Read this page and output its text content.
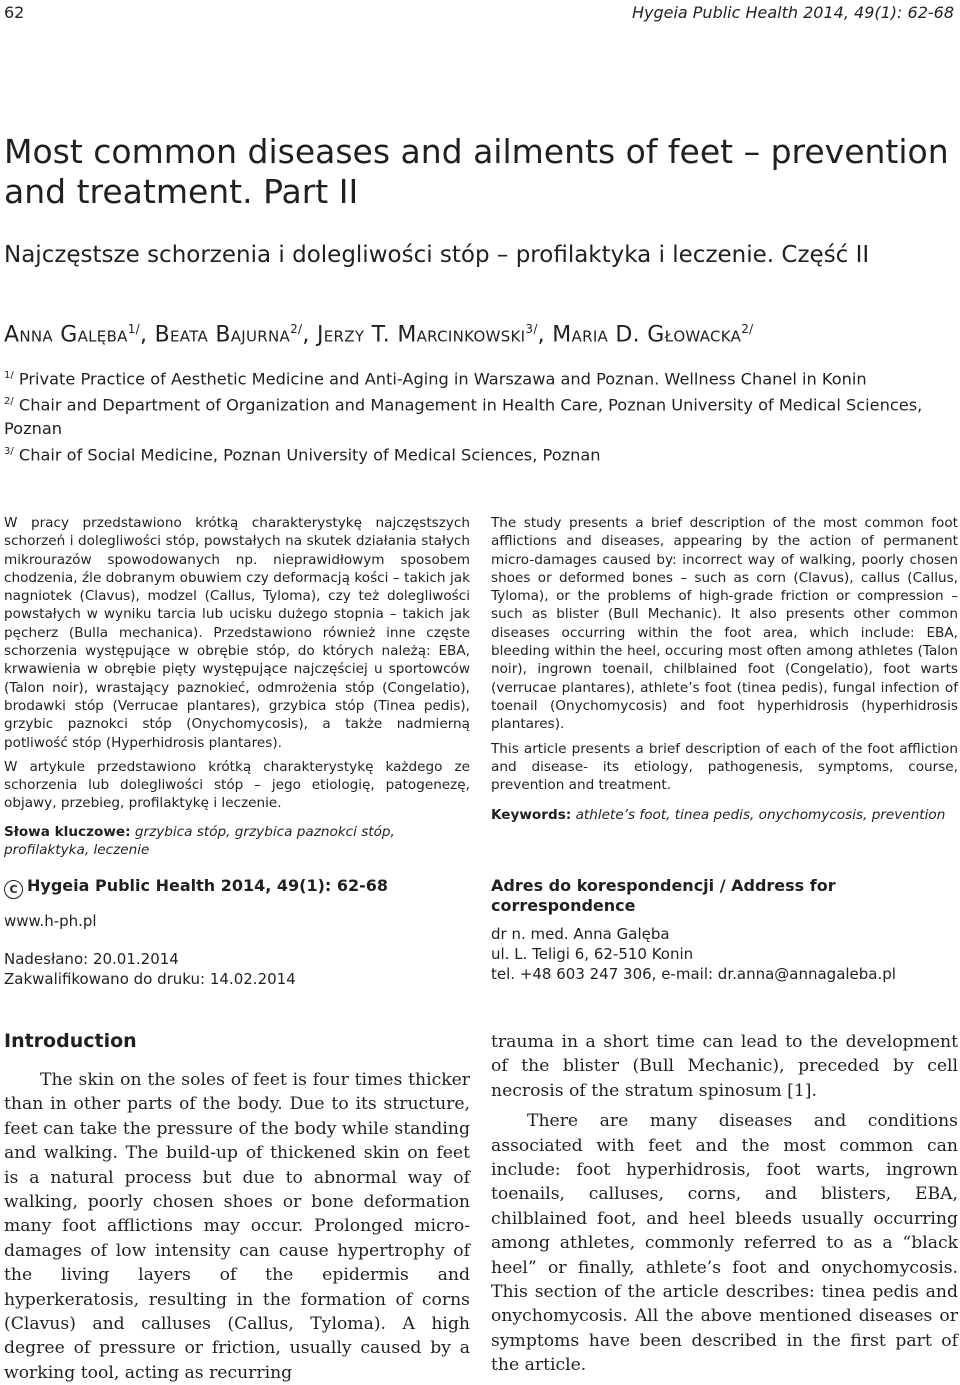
62	Hygeia Public Health 2014, 49(1): 62-68
Most common diseases and ailments of feet – prevention and treatment. Part II
Najczęstsze schorzenia i dolegliwości stóp – profilaktyka i leczenie. Część II
Anna Galęba$^{1/}$, Beata Bajurna$^{2/}$, Jerzy T. Marcinkowski$^{3/}$, Maria D. Głowacka$^{2/}$
$^{1/}$ Private Practice of Aesthetic Medicine and Anti-Aging in Warszawa and Poznan. Wellness Chanel in Konin
$^{2/}$ Chair and Department of Organization and Management in Health Care, Poznan University of Medical Sciences, Poznan
$^{3/}$ Chair of Social Medicine, Poznan University of Medical Sciences, Poznan

W pracy przedstawiono krótką charakterystykę najczęstszych schorzeń i dolegliwości stóp, powstałych na skutek działania stałych mikrourazów spowodowanych np. nieprawidłowym sposobem chodzenia, źle dobranym obuwiem czy deformacją kości – takich jak nagniotek (Clavus), modzel (Callus, Tyloma), czy też dolegliwości powstałych w wyniku tarcia lub ucisku dużego stopnia – takich jak pęcherz (Bulla mechanica). Przedstawiono również inne częste schorzenia występujące w obrębie stóp, do których należą: EBA, krwawienia w obrębie pięty występujące najczęściej u sportowców (Talon noir), wrastający paznokieć, odmrożenia stóp (Congelatio), brodawki stóp (Verrucae plantares), grzybica stóp (Tinea pedis), grzybic paznokci stóp (Onychomycosis), a także nadmierną potliwość stóp (Hyperhidrosis plantares).

W artykule przedstawiono krótką charakterystykę każdego ze schorzenia lub dolegliwości stóp – jego etiologię, patogenezę, objawy, przebieg, profilaktykę i leczenie.

Słowa kluczowe: grzybica stóp, grzybica paznokci stóp, profilaktyka, leczenie

The study presents a brief description of the most common foot afflictions and diseases, appearing by the action of permanent micro-damages caused by: incorrect way of walking, poorly chosen shoes or deformed bones – such as corn (Clavus), callus (Callus, Tyloma), or the problems of high-grade friction or compression – such as blister (Bull Mechanic). It also presents other common diseases occurring within the foot area, which include: EBA, bleeding within the heel, occuring most often among athletes (Talon noir), ingrown toenail, chilblained foot (Congelatio), foot warts (verrucae plantares), athlete’s foot (tinea pedis), fungal infection of toenail (Onychomycosis) and foot hyperhidrosis (hyperhidrosis plantares).

This article presents a brief description of each of the foot affliction and disease- its etiology, pathogenesis, symptoms, course, prevention and treatment.

Keywords: athlete’s foot, tinea pedis, onychomycosis, prevention

C Hygeia Public Health 2014, 49(1): 62-68
www.h-ph.pl
Nadesłano: 20.01.2014
Zakwalifikowano do druku: 14.02.2014
Adres do korespondencji / Address for correspondence
dr n. med. Anna Galęba
ul. L. Teligi 6, 62-510 Konin
tel. +48 603 247 306, e-mail: dr.anna@annagaleba.pl
Introduction

The skin on the soles of feet is four times thicker than in other parts of the body. Due to its structure, feet can take the pressure of the body while standing and walking. The build-up of thickened skin on feet is a natural process but due to abnormal way of walking, poorly chosen shoes or bone deformation many foot afflictions may occur. Prolonged micro-damages of low intensity can cause hypertrophy of the living layers of the epidermis and hyperkeratosis, resulting in the formation of corns (Clavus) and calluses (Callus, Tyloma). A high degree of pressure or friction, usually caused by a working tool, acting as recurring

trauma in a short time can lead to the development of the blister (Bull Mechanic), preceded by cell necrosis of the stratum spinosum [1].

There are many diseases and conditions associated with feet and the most common can include: foot hyperhidrosis, foot warts, ingrown toenails, calluses, corns, and blisters, EBA, chilblained foot, and heel bleeds usually occurring among athletes, commonly referred to as a “black heel” or finally, athlete’s foot and onychomycosis. This section of the article describes: tinea pedis and onychomycosis. All the above mentioned diseases or symptoms have been described in the first part of the article.
